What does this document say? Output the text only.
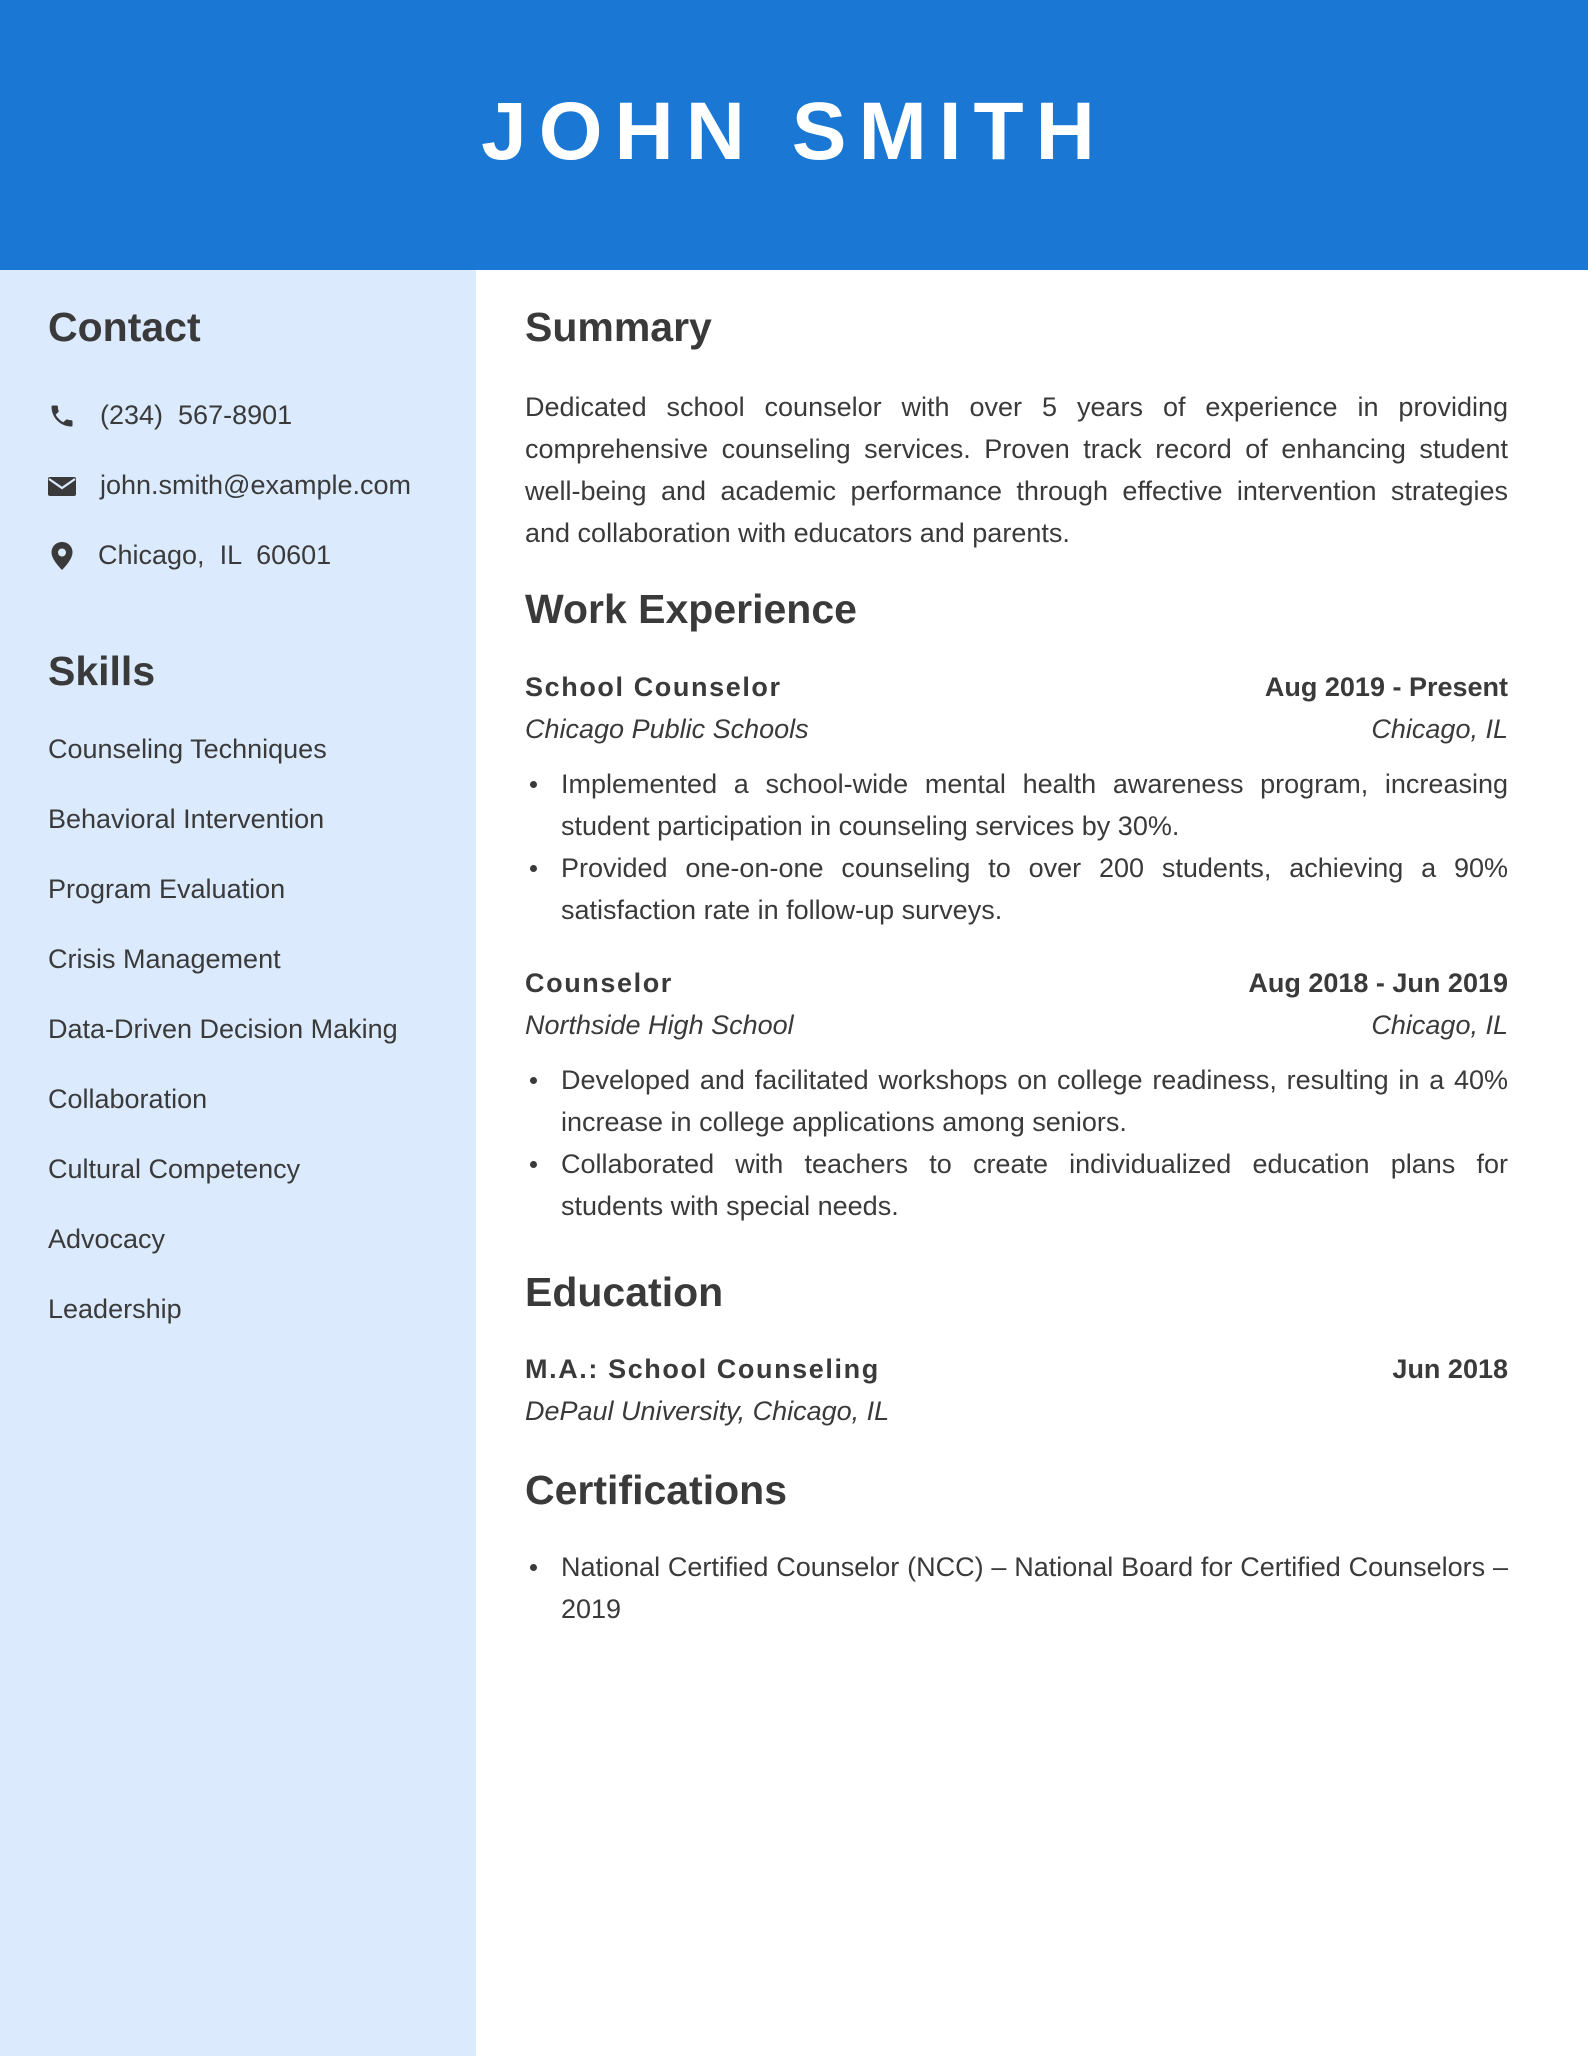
JOHN SMITH
Contact
(234)  567-8901
john.smith@example.com
Chicago,  IL  60601
Skills
Counseling Techniques
Behavioral Intervention
Program Evaluation
Crisis Management
Data-Driven Decision Making
Collaboration
Cultural Competency
Advocacy
Leadership
Summary

Dedicated school counselor with over 5 years of experience in providing comprehensive counseling services. Proven track record of enhancing student well-being and academic performance through effective intervention strategies and collaboration with educators and parents.

Work Experience
School Counselor	Aug 2019 - Present
Chicago Public Schools	Chicago, IL
Implemented a school-wide mental health awareness program, increasing student participation in counseling services by 30%.
Provided one-on-one counseling to over 200 students, achieving a 90% satisfaction rate in follow-up surveys.
Counselor	Aug 2018 - Jun 2019
Northside High School	Chicago, IL
Developed and facilitated workshops on college readiness, resulting in a 40% increase in college applications among seniors.
Collaborated with teachers to create individualized education plans for students with special needs.
Education
M.A.: School Counseling	Jun 2018
DePaul University, Chicago, IL
Certifications
National Certified Counselor (NCC) – National Board for Certified Counselors – 2019
